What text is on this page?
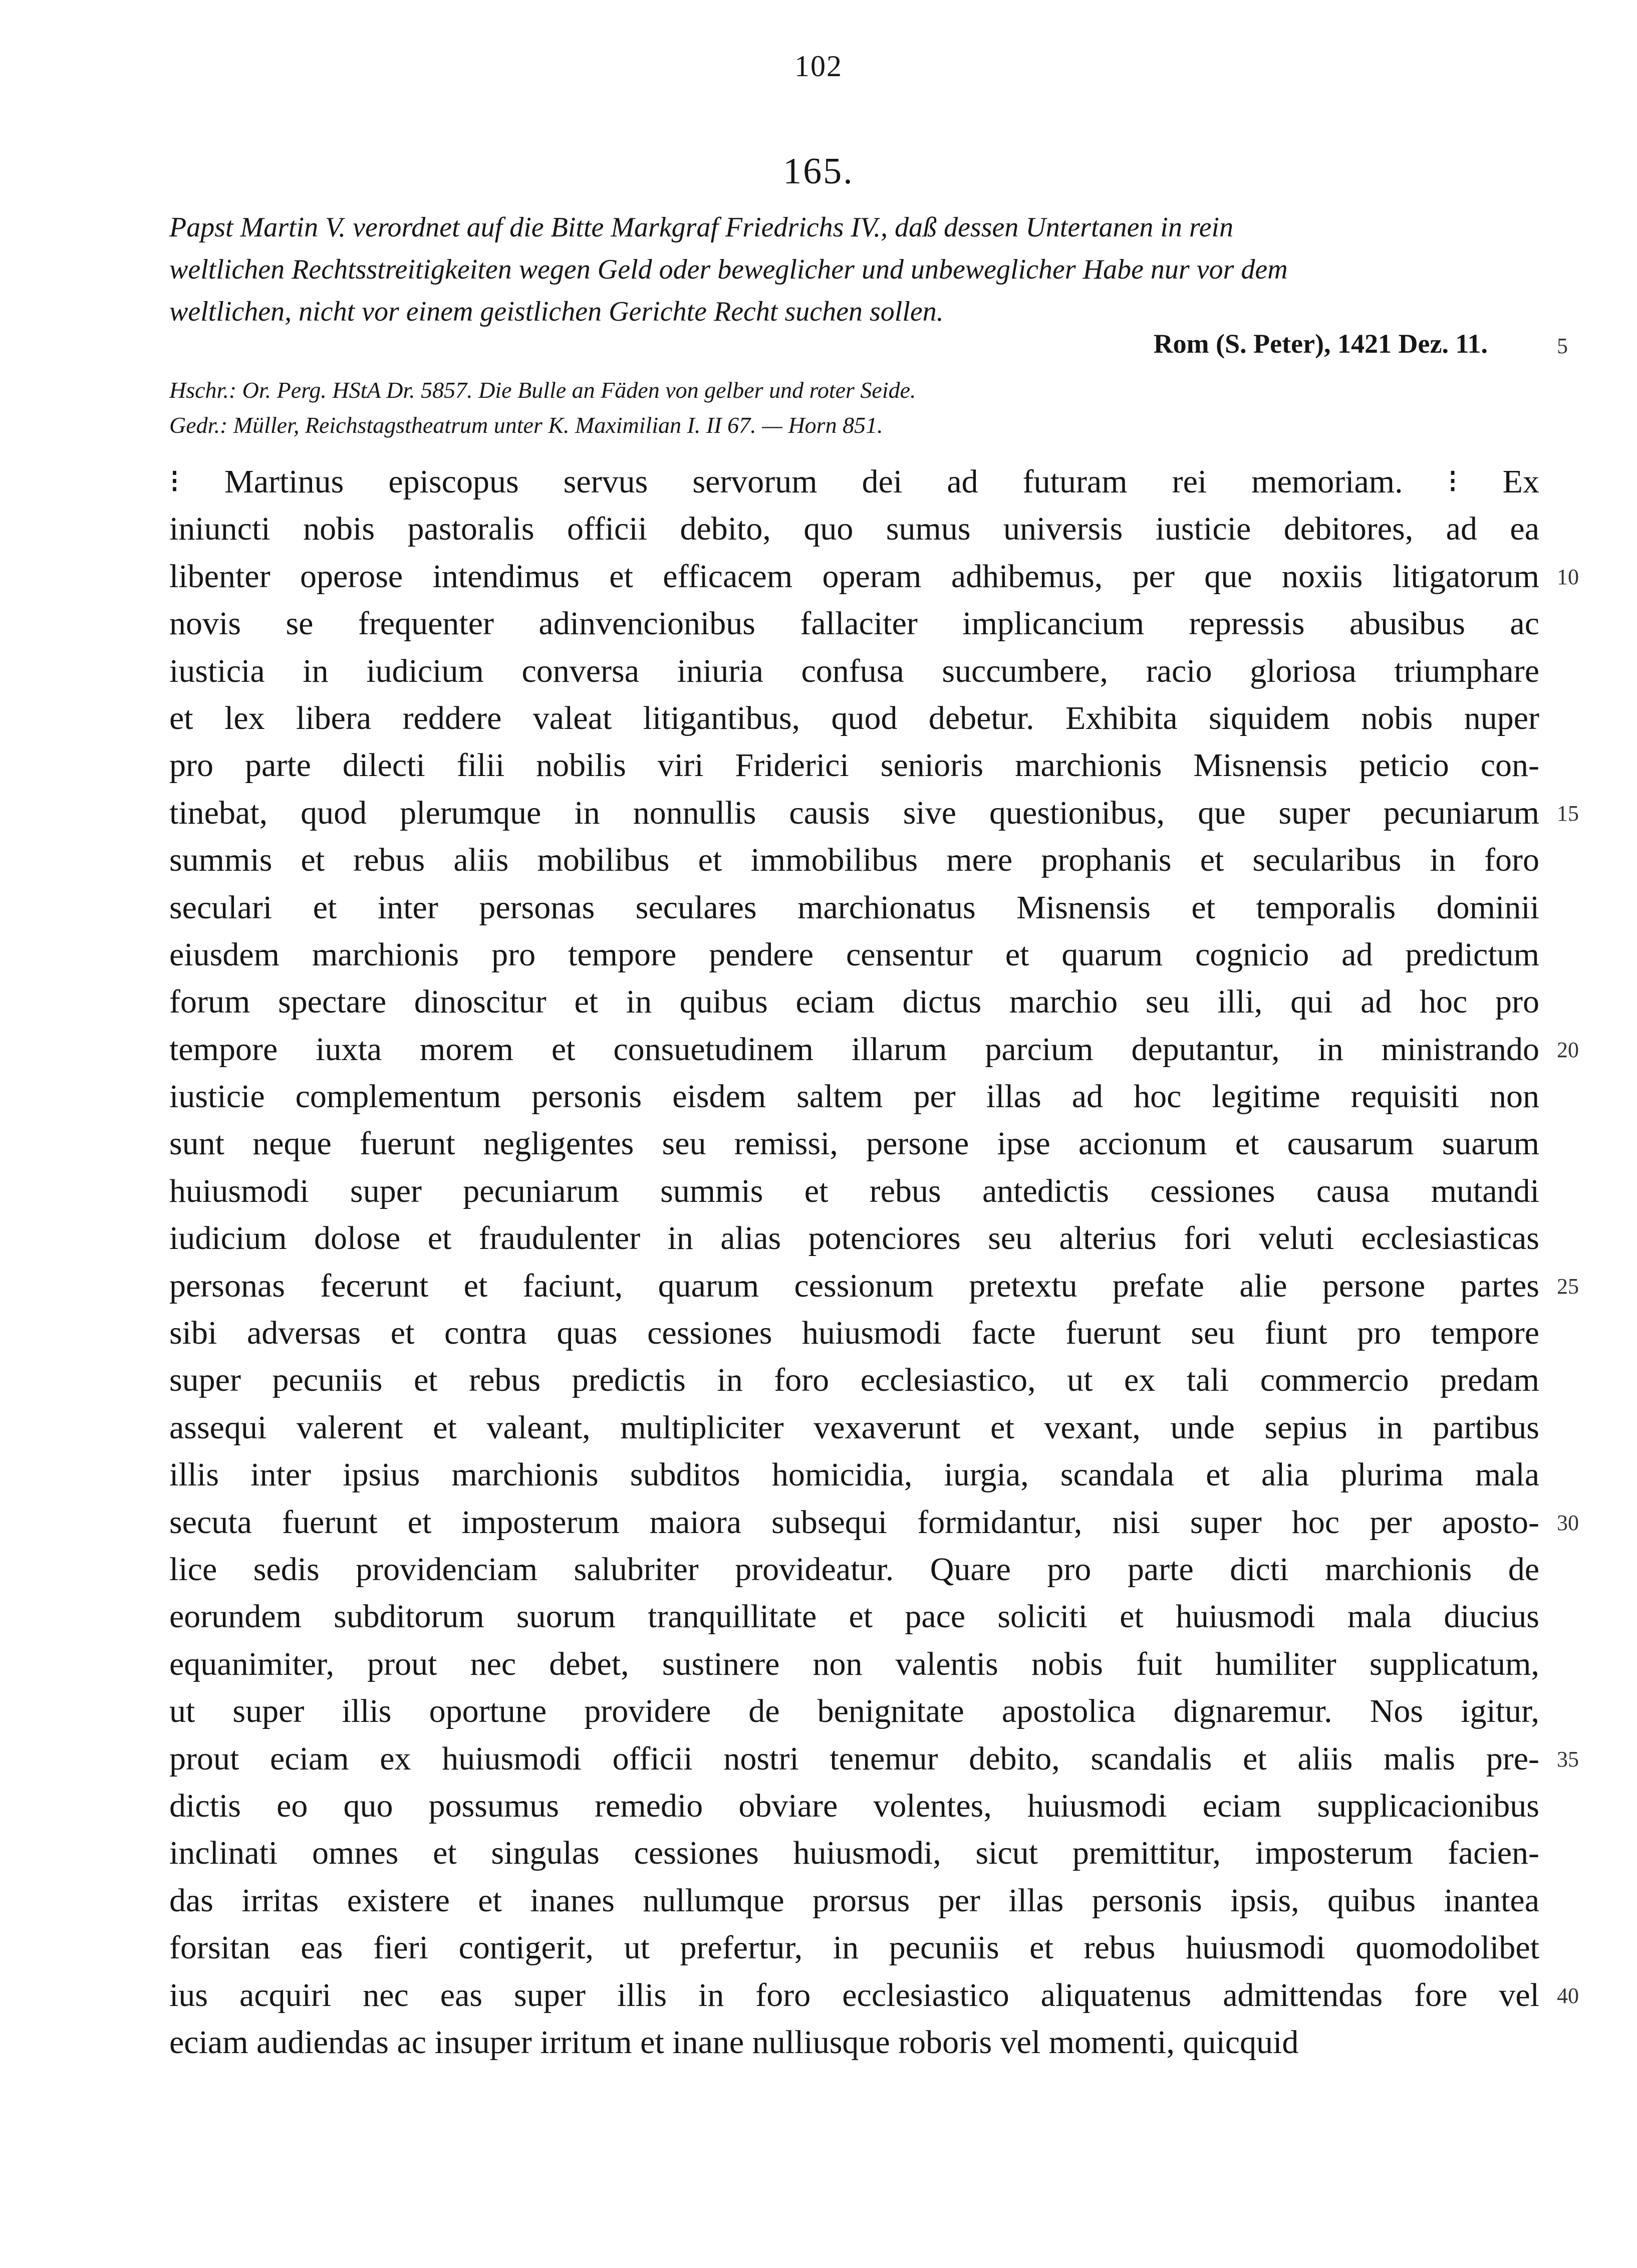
102
165.
Papst Martin V. verordnet auf die Bitte Markgraf Friedrichs IV., daß dessen Untertanen in rein
weltlichen Rechtsstreitigkeiten wegen Geld oder beweglicher und unbeweglicher Habe nur vor dem
weltlichen, nicht vor einem geistlichen Gerichte Recht suchen sollen.
Rom (S. Peter), 1421 Dez. 11.	5
Hschr.: Or. Perg. HStA Dr. 5857. Die Bulle an Fäden von gelber und roter Seide.
Gedr.: Müller, Reichstagstheatrum unter K. Maximilian I. II 67. — Horn 851.
⁝ Martinus episcopus servus servorum dei ad futuram rei memoriam. ⁝ Ex
iniuncti nobis pastoralis officii debito, quo sumus universis iusticie debitores, ad ea
libenter operose intendimus et efficacem operam adhibemus, per que noxiis litigatorum
novis se frequenter adinvencionibus fallaciter implicancium repressis abusibus ac
iusticia in iudicium conversa iniuria confusa succumbere, racio gloriosa triumphare
et lex libera reddere valeat litigantibus, quod debetur. Exhibita siquidem nobis nuper
pro parte dilecti filii nobilis viri Friderici senioris marchionis Misnensis peticio con-
tinebat, quod plerumque in nonnullis causis sive questionibus, que super pecuniarum
summis et rebus aliis mobilibus et immobilibus mere prophanis et secularibus in foro
seculari et inter personas seculares marchionatus Misnensis et temporalis dominii
eiusdem marchionis pro tempore pendere censentur et quarum cognicio ad predictum
forum spectare dinoscitur et in quibus eciam dictus marchio seu illi, qui ad hoc pro
tempore iuxta morem et consuetudinem illarum parcium deputantur, in ministrando
iusticie complementum personis eisdem saltem per illas ad hoc legitime requisiti non
sunt neque fuerunt negligentes seu remissi, persone ipse accionum et causarum suarum
huiusmodi super pecuniarum summis et rebus antedictis cessiones causa mutandi
iudicium dolose et fraudulenter in alias potenciores seu alterius fori veluti ecclesiasticas
personas fecerunt et faciunt, quarum cessionum pretextu prefate alie persone partes
sibi adversas et contra quas cessiones huiusmodi facte fuerunt seu fiunt pro tempore
super pecuniis et rebus predictis in foro ecclesiastico, ut ex tali commercio predam
assequi valerent et valeant, multipliciter vexaverunt et vexant, unde sepius in partibus
illis inter ipsius marchionis subditos homicidia, iurgia, scandala et alia plurima mala
secuta fuerunt et imposterum maiora subsequi formidantur, nisi super hoc per aposto-
lice sedis providenciam salubriter provideatur. Quare pro parte dicti marchionis de
eorundem subditorum suorum tranquillitate et pace soliciti et huiusmodi mala diucius
equanimiter, prout nec debet, sustinere non valentis nobis fuit humiliter supplicatum,
ut super illis oportune providere de benignitate apostolica dignaremur. Nos igitur,
prout eciam ex huiusmodi officii nostri tenemur debito, scandalis et aliis malis pre-
dictis eo quo possumus remedio obviare volentes, huiusmodi eciam supplicacionibus
inclinati omnes et singulas cessiones huiusmodi, sicut premittitur, imposterum facien-
das irritas existere et inanes nullumque prorsus per illas personis ipsis, quibus inantea
forsitan eas fieri contigerit, ut prefertur, in pecuniis et rebus huiusmodi quomodolibet
ius acquiri nec eas super illis in foro ecclesiastico aliquatenus admittendas fore vel
eciam audiendas ac insuper irritum et inane nulliusque roboris vel momenti, quicquid
10
15
20
25
30
35
40
